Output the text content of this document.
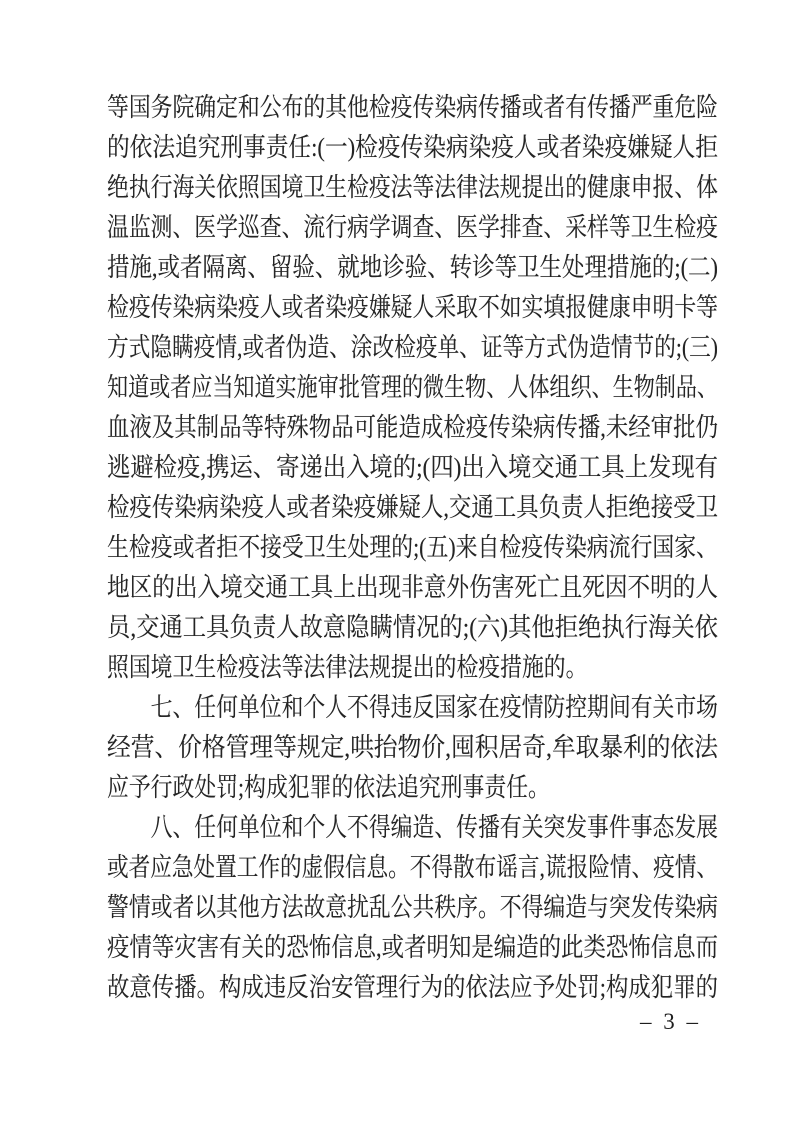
等国务院确定和公布的其他检疫传染病传播或者有传播严重危险
的依法追究刑事责任:(一)检疫传染病染疫人或者染疫嫌疑人拒
绝执行海关依照国境卫生检疫法等法律法规提出的健康申报、体
温监测、医学巡查、流行病学调查、医学排查、采样等卫生检疫
措施,或者隔离、留验、就地诊验、转诊等卫生处理措施的;(二)
检疫传染病染疫人或者染疫嫌疑人采取不如实填报健康申明卡等
方式隐瞒疫情,或者伪造、涂改检疫单、证等方式伪造情节的;(三)
知道或者应当知道实施审批管理的微生物、人体组织、生物制品、
血液及其制品等特殊物品可能造成检疫传染病传播,未经审批仍
逃避检疫,携运、寄递出入境的;(四)出入境交通工具上发现有
检疫传染病染疫人或者染疫嫌疑人,交通工具负责人拒绝接受卫
生检疫或者拒不接受卫生处理的;(五)来自检疫传染病流行国家、
地区的出入境交通工具上出现非意外伤害死亡且死因不明的人
员,交通工具负责人故意隐瞒情况的;(六)其他拒绝执行海关依
照国境卫生检疫法等法律法规提出的检疫措施的。
　　七、任何单位和个人不得违反国家在疫情防控期间有关市场
经营、价格管理等规定,哄抬物价,囤积居奇,牟取暴利的依法
应予行政处罚;构成犯罪的依法追究刑事责任。
　　八、任何单位和个人不得编造、传播有关突发事件事态发展
或者应急处置工作的虚假信息。不得散布谣言,谎报险情、疫情、
警情或者以其他方法故意扰乱公共秩序。不得编造与突发传染病
疫情等灾害有关的恐怖信息,或者明知是编造的此类恐怖信息而
故意传播。构成违反治安管理行为的依法应予处罚;构成犯罪的
– 3 –
